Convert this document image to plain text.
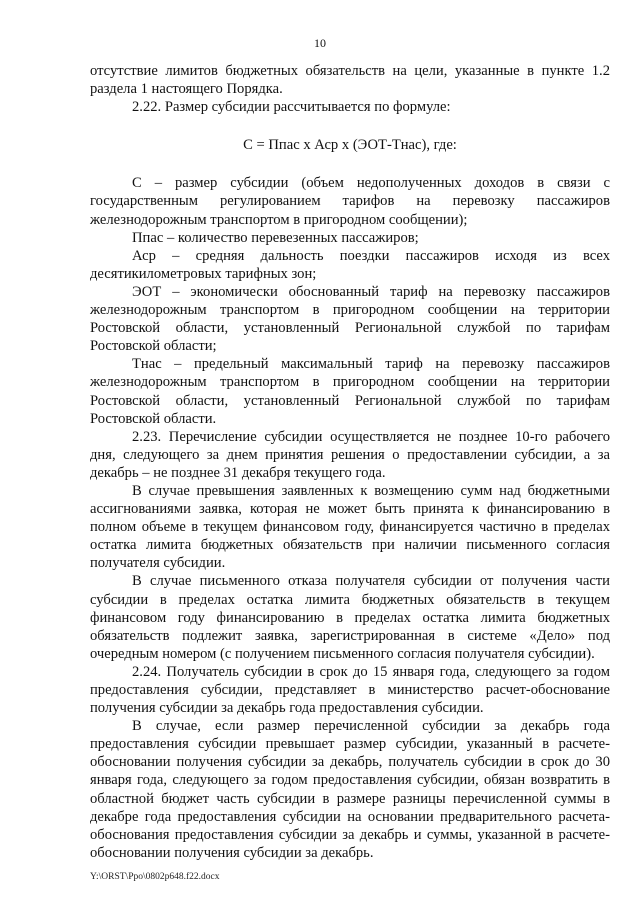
10

отсутствие лимитов бюджетных обязательств на цели, указанные в пункте 1.2 раздела 1 настоящего Порядка.

2.22. Размер субсидии рассчитывается по формуле:

С = Ппас x Аср x (ЭОТ-Тнас), где:

С – размер субсидии (объем недополученных доходов в связи с государственным регулированием тарифов на перевозку пассажиров железнодорожным транспортом в пригородном сообщении);

Ппас – количество перевезенных пассажиров;

Аср – средняя дальность поездки пассажиров исходя из всех десятикилометровых тарифных зон;

ЭОТ – экономически обоснованный тариф на перевозку пассажиров железнодорожным транспортом в пригородном сообщении на территории Ростовской области, установленный Региональной службой по тарифам Ростовской области;

Тнас – предельный максимальный тариф на перевозку пассажиров железнодорожным транспортом в пригородном сообщении на территории Ростовской области, установленный Региональной службой по тарифам Ростовской области.

2.23. Перечисление субсидии осуществляется не позднее 10-го рабочего дня, следующего за днем принятия решения о предоставлении субсидии, а за декабрь – не позднее 31 декабря текущего года.

В случае превышения заявленных к возмещению сумм над бюджетными ассигнованиями заявка, которая не может быть принята к финансированию в полном объеме в текущем финансовом году, финансируется частично в пределах остатка лимита бюджетных обязательств при наличии письменного согласия получателя субсидии.

В случае письменного отказа получателя субсидии от получения части субсидии в пределах остатка лимита бюджетных обязательств в текущем финансовом году финансированию в пределах остатка лимита бюджетных обязательств подлежит заявка, зарегистрированная в системе «Дело» под очередным номером (с получением письменного согласия получателя субсидии).

2.24. Получатель субсидии в срок до 15 января года, следующего за годом предоставления субсидии, представляет в министерство расчет-обоснование получения субсидии за декабрь года предоставления субсидии.

В случае, если размер перечисленной субсидии за декабрь года предоставления субсидии превышает размер субсидии, указанный в расчете-обосновании получения субсидии за декабрь, получатель субсидии в срок до 30 января года, следующего за годом предоставления субсидии, обязан возвратить в областной бюджет часть субсидии в размере разницы перечисленной суммы в декабре года предоставления субсидии на основании предварительного расчета-обоснования предоставления субсидии за декабрь и суммы, указанной в расчете-обосновании получения субсидии за декабрь.

Y:\ORST\Ppo\0802p648.f22.docx
